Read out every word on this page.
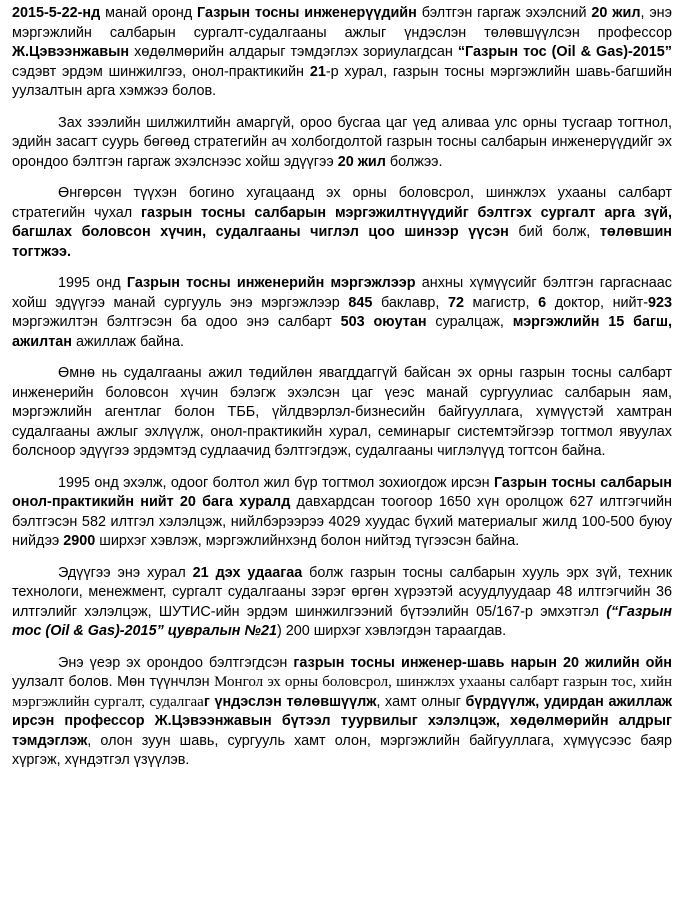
2015-5-22-нд манай оронд Газрын тосны инженерүүдийн бэлтгэн гаргаж эхэлсний 20 жил, энэ мэргэжлийн салбарын сургалт-судалгааны ажлыг үндэслэн төлөвшүүлсэн профессор Ж.Цэвээнжавын хөдөлмөрийн алдарыг тэмдэглэх зориулагдсан “Газрын тос (Oil & Gas)-2015” сэдэвт эрдэм шинжилгээ, онол-практикийн 21-р хурал, газрын тосны мэргэжлийн шавь-багшийн уулзалтын арга хэмжээ болов.

Зах зээлийн шилжилтийн амаргүй, ороо бусгаа цаг үед аливаа улс орны тусгаар тогтнол, эдийн засагт суурь бөгөөд стратегийн ач холбогдолтой газрын тосны салбарын инженерүүдийг эх орондоо бэлтгэн гаргаж эхэлснээс хойш эдүүгээ 20 жил болжээ.

Өнгөрсөн түүхэн богино хугацаанд эх орны боловсрол, шинжлэх ухааны салбарт стратегийн чухал газрын тосны салбарын мэргэжилтнүүдийг бэлтгэх сургалт арга зүй, багшлах боловсон хүчин, судалгааны чиглэл цоо шинээр үүсэн бий болж, төлөвшин тогтжээ.

1995 онд Газрын тосны инженерийн мэргэжлээр анхны хүмүүсийг бэлтгэн гаргаснаас хойш эдүүгээ манай сургууль энэ мэргэжлээр 845 баклавр, 72 магистр, 6 доктор, нийт-923 мэргэжилтэн бэлтгэсэн ба одоо энэ салбарт 503 оюутан суралцаж, мэргэжлийн 15 багш, ажилтан ажиллаж байна.

Өмнө нь судалгааны ажил төдийлөн явагддаггүй байсан эх орны газрын тосны салбарт инженерийн боловсон хүчин бэлэгж эхэлсэн цаг үеэс манай сургуулиас салбарын яам, мэргэжлийн агентлаг болон ТББ, үйлдвэрлэл-бизнесийн байгууллага, хүмүүстэй хамтран судалгааны ажлыг эхлүүлж, онол-практикийн хурал, семинарыг системтэйгээр тогтмол явуулах болсноор эдүүгээ эрдэмтэд судлаачид бэлтгэгдэж, судалгааны чиглэлүүд тогтсон байна.

1995 онд эхэлж, одоог болтол жил бүр тогтмол зохиогдож ирсэн Газрын тосны салбарын онол-практикийн нийт 20 бага хуралд давхардсан тоогоор 1650 хүн оролцож 627 илтгэгчийн бэлтгэсэн 582 илтгэл хэлэлцэж, нийлбэрээрээ 4029 хуудас бүхий материалыг жилд 100-500 буюу нийдээ 2900 ширхэг хэвлэж, мэргэжлийнхэнд болон нийтэд түгээсэн байна.

Эдүүгээ энэ хурал 21 дэх удаагаа болж газрын тосны салбарын хууль эрх зүй, техник технологи, менежмент, сургалт судалгааны зэрэг өргөн хүрээтэй асуудлуудаар 48 илтгэгчийн 36 илтгэлийг хэлэлцэж, ШУТИС-ийн эрдэм шинжилгээний бүтээлийн 05/167-р эмхэтгэл (“Газрын тос (Oil & Gas)-2015” цувралын №21) 200 ширхэг хэвлэгдэн тараагдав.

Энэ үеэр эх орондоо бэлтгэгдсэн газрын тосны инженер-шавь нарын 20 жилийн ойн уулзалт болов. Мөн түүнчлэн Монгол эх орны боловсрол, шинжлэх ухааны салбарт газрын тос, хийн мэргэжлийн сургалт, судалгааг үндэслэн төлөвшүүлж, хамт олныг бүрдүүлж, удирдан ажиллаж ирсэн профессор Ж.Цэвээнжавын бүтээл туурвилыг хэлэлцэж, хөдөлмөрийн алдрыг тэмдэглэж, олон зуун шавь, сургууль хамт олон, мэргэжлийн байгууллага, хүмүүсээс баяр хүргэж, хүндэтгэл үзүүлэв.
